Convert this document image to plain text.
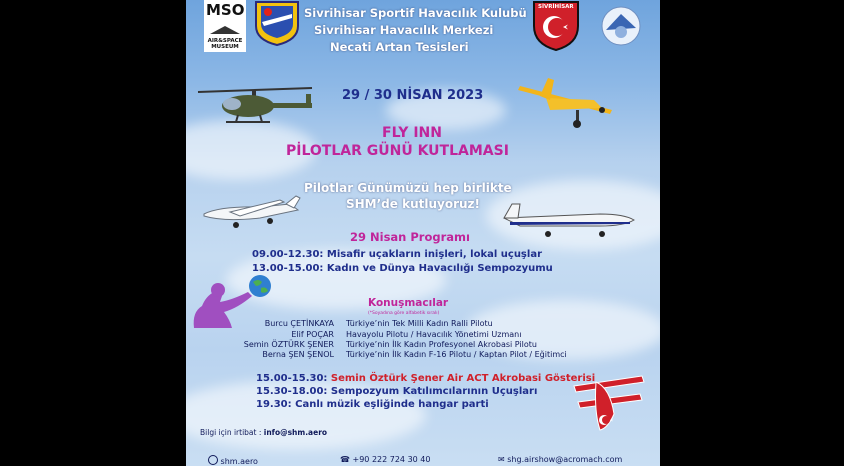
MSO
AIR&SPACE MUSEUM
Sivrihisar Sportif Havacılık Kulubü
Sivrihisar Havacılık Merkezi
Necati Artan Tesisleri
SİVRİHİSAR
29 / 30 NİSAN 2023
FLY INN
PİLOTLAR GÜNÜ KUTLAMASI
Pilotlar Günümüzü hep birlikte
SHM’de kutluyoruz!
29 Nisan Programı
09.00-12.30: Misafir uçakların inişleri, lokal uçuşlar
13.00-15.00: Kadın ve Dünya Havacılığı Sempozyumu
Konuşmacılar
(*Soyadına göre alfabetik sıralı)
Burcu ÇETİNKAYA Türkiye’nin Tek Milli Kadın Ralli Pilotu
Elif POÇAR Havayolu Pilotu / Havacılık Yönetimi Uzmanı
Semin ÖZTÜRK ŞENER Türkiye’nin İlk Kadın Profesyonel Akrobasi Pilotu
Berna ŞEN ŞENOL Türkiye’nin İlk Kadın F-16 Pilotu / Kaptan Pilot / Eğitimci
15.00-15.30: Semin Öztürk Şener Air ACT Akrobasi Gösterisi
15.30-18.00: Sempozyum Katılımcılarının Uçuşları
19.30: Canlı müzik eşliğinde hangar parti
Bilgi için irtibat : info@shm.aero
shm.aero	☎ +90 222 724 30 40	✉ shg.airshow@acromach.com
